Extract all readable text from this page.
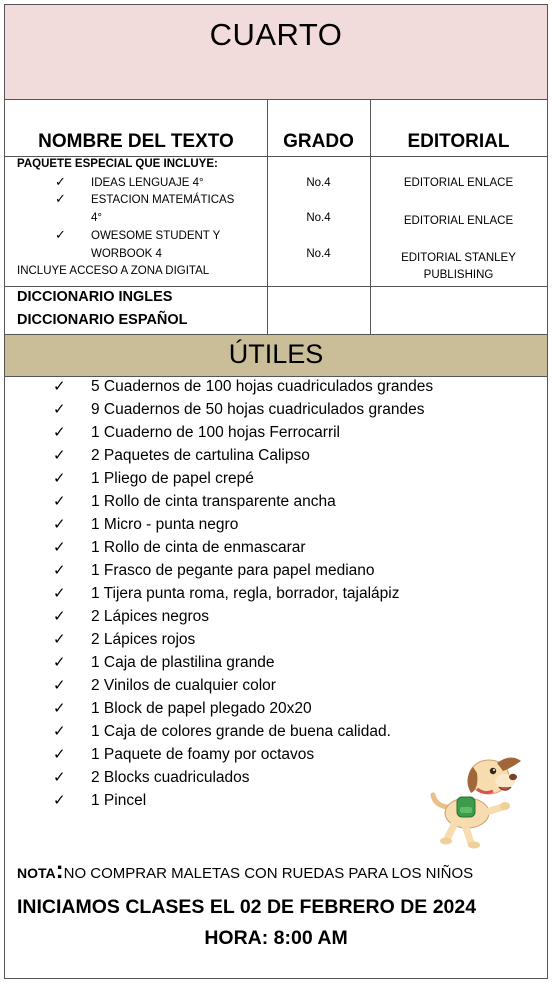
CUARTO
NOMBRE DEL TEXTO	GRADO	EDITORIAL
PAQUETE ESPECIAL QUE INCLUYE:
✓ IDEAS LENGUAJE 4°	No.4	EDITORIAL ENLACE
✓ ESTACION MATEMÁTICAS
4°	No.4	EDITORIAL ENLACE
✓ OWESOME STUDENT Y
WORBOOK 4	No.4	EDITORIAL STANLEY
PUBLISHING
INCLUYE ACCESO A ZONA DIGITAL
DICCIONARIO INGLES
DICCIONARIO ESPAÑOL
ÚTILES
✓ 5 Cuadernos de 100 hojas cuadriculados grandes
✓ 9 Cuadernos de 50 hojas cuadriculados grandes
✓ 1 Cuaderno de 100 hojas Ferrocarril
✓ 2 Paquetes de cartulina Calipso
✓ 1 Pliego de papel crepé
✓ 1 Rollo de cinta transparente ancha
✓ 1 Micro - punta negro
✓ 1 Rollo de cinta de enmascarar
✓ 1 Frasco de pegante para papel mediano
✓ 1 Tijera punta roma, regla, borrador, tajalápiz
✓ 2 Lápices negros
✓ 2 Lápices rojos
✓ 1 Caja de plastilina grande
✓ 2 Vinilos de cualquier color
✓ 1 Block de papel plegado 20x20
✓ 1 Caja de colores grande de buena calidad.
✓ 1 Paquete de foamy por octavos
✓ 2 Blocks cuadriculados
✓ 1 Pincel
NOTA:NO COMPRAR MALETAS CON RUEDAS PARA LOS NIÑOS
INICIAMOS CLASES EL 02 DE FEBRERO DE 2024
HORA: 8:00 AM
